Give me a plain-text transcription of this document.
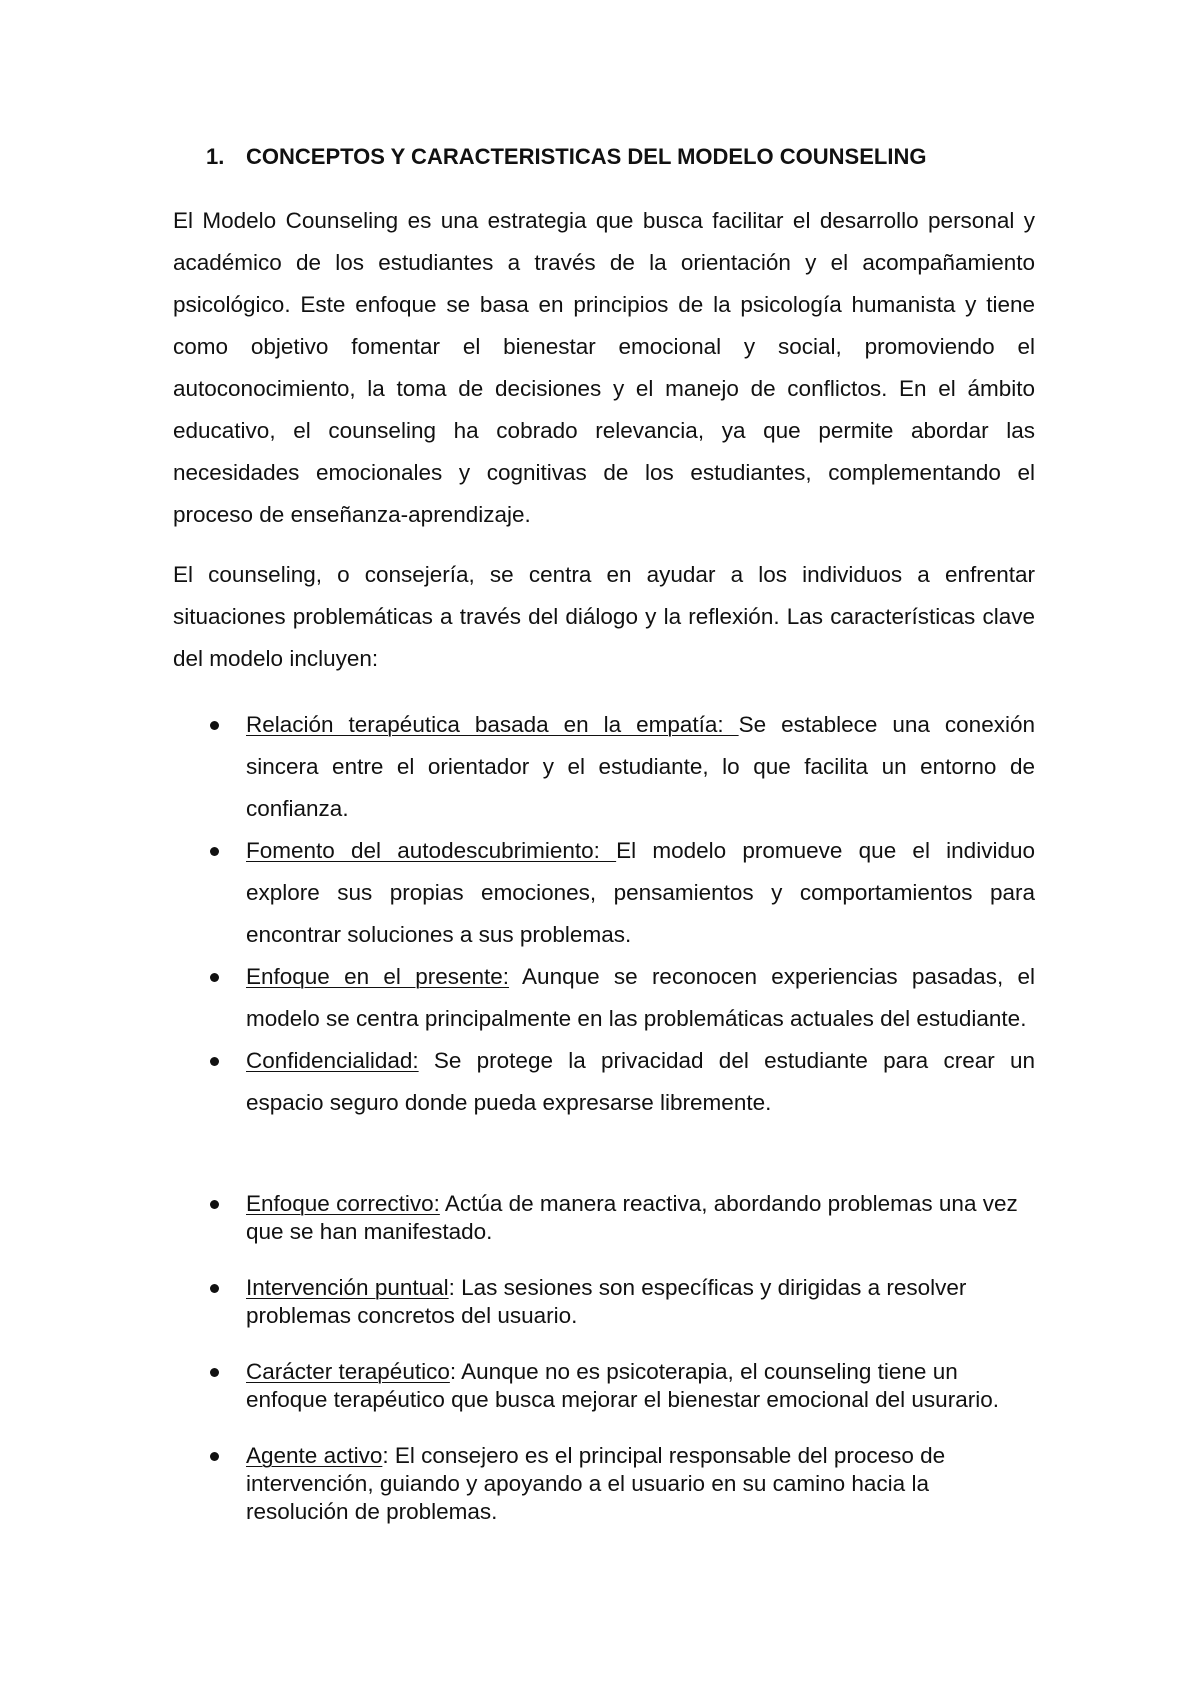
1. CONCEPTOS Y CARACTERISTICAS DEL MODELO COUNSELING

El Modelo Counseling es una estrategia que busca facilitar el desarrollo personal y académico de los estudiantes a través de la orientación y el acompañamiento psicológico. Este enfoque se basa en principios de la psicología humanista y tiene como objetivo fomentar el bienestar emocional y social, promoviendo el autoconocimiento, la toma de decisiones y el manejo de conflictos. En el ámbito educativo, el counseling ha cobrado relevancia, ya que permite abordar las necesidades emocionales y cognitivas de los estudiantes, complementando el proceso de enseñanza-aprendizaje.

El counseling, o consejería, se centra en ayudar a los individuos a enfrentar situaciones problemáticas a través del diálogo y la reflexión. Las características clave del modelo incluyen:

Relación terapéutica basada en la empatía: Se establece una conexión sincera entre el orientador y el estudiante, lo que facilita un entorno de confianza.
Fomento del autodescubrimiento: El modelo promueve que el individuo explore sus propias emociones, pensamientos y comportamientos para encontrar soluciones a sus problemas.
Enfoque en el presente: Aunque se reconocen experiencias pasadas, el modelo se centra principalmente en las problemáticas actuales del estudiante.
Confidencialidad: Se protege la privacidad del estudiante para crear un espacio seguro donde pueda expresarse libremente.
Enfoque correctivo: Actúa de manera reactiva, abordando problemas una vez que se han manifestado.
Intervención puntual: Las sesiones son específicas y dirigidas a resolver problemas concretos del usuario.
Carácter terapéutico: Aunque no es psicoterapia, el counseling tiene un enfoque terapéutico que busca mejorar el bienestar emocional del usurario.
Agente activo: El consejero es el principal responsable del proceso de intervención, guiando y apoyando a el usuario en su camino hacia la resolución de problemas.
